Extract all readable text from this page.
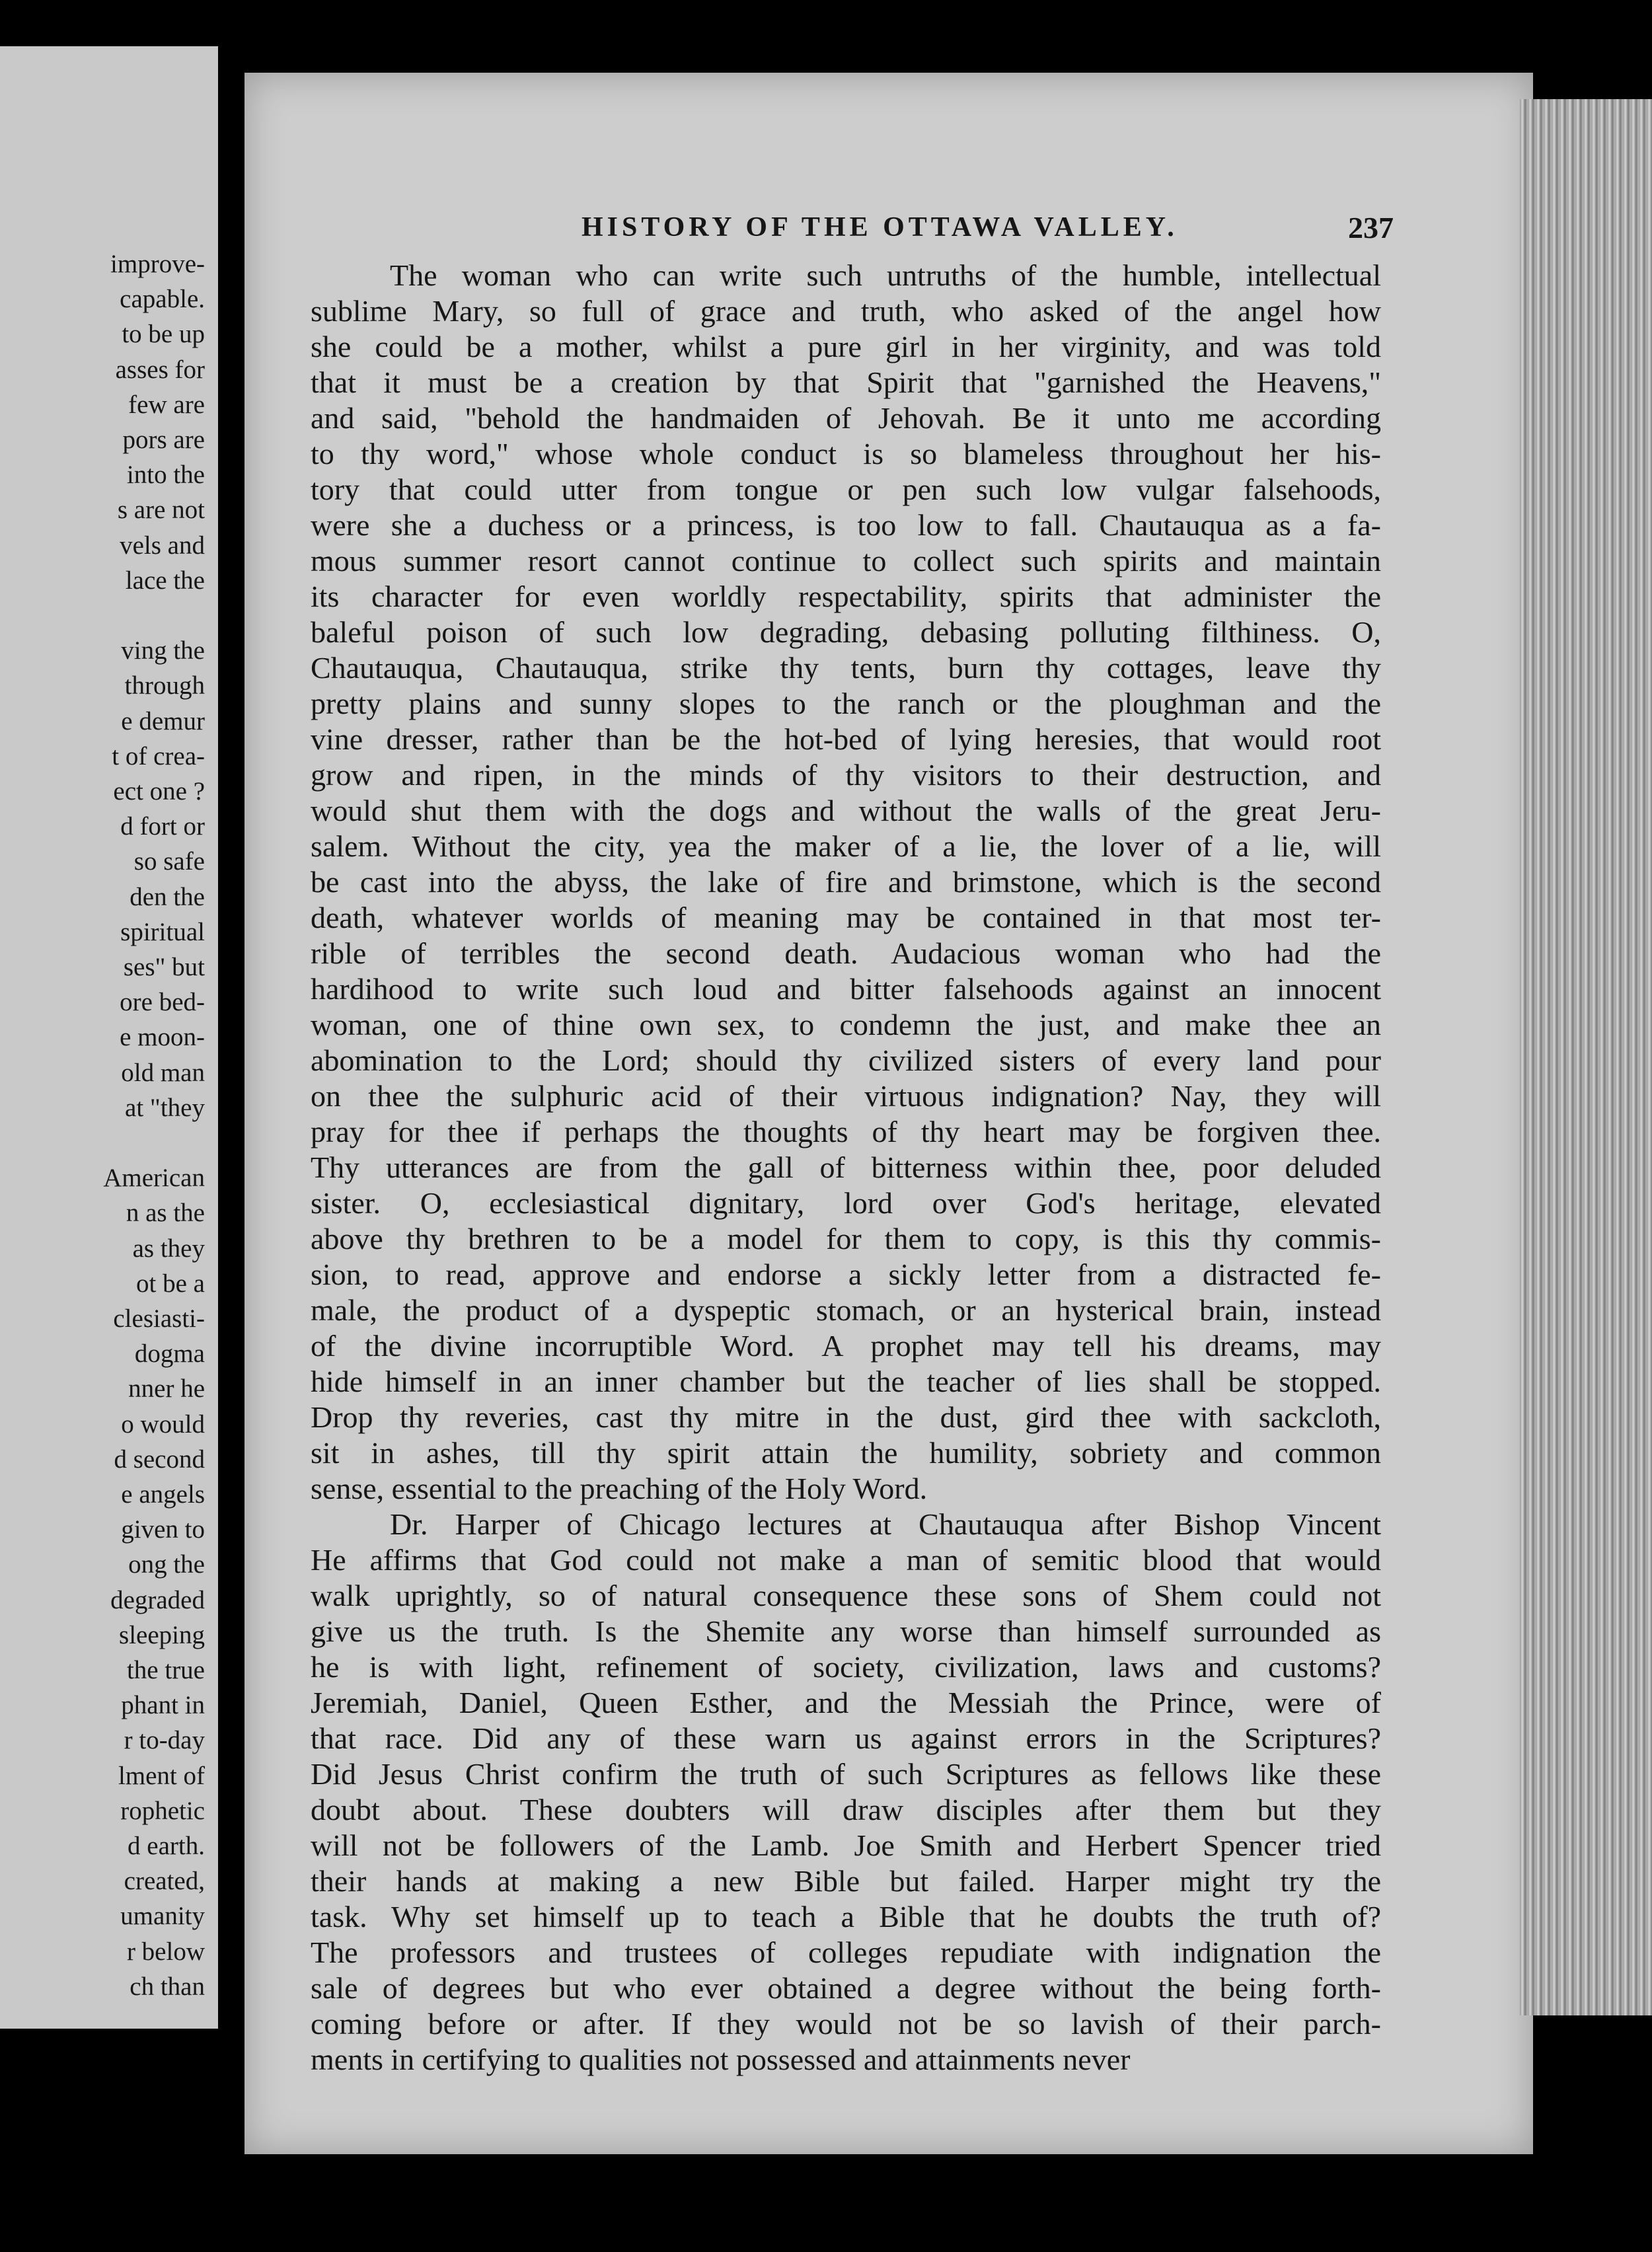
improve-
capable.
to be up
asses for
few are
pors are
into the
s are not
vels and
lace the
ving the
through
e demur
t of crea-
ect one ?
d fort or
so safe
den the
spiritual
ses" but
ore bed-
e moon-
old man
at "they
American
n as the
as they
ot be a
clesiasti-
dogma
nner he
o would
d second
e angels
given to
ong the
degraded
sleeping
the true
phant in
r to-day
lment of
rophetic
d earth.
created,
umanity
r below
ch than
HISTORY OF THE OTTAWA VALLEY.	237
The woman who can write such untruths of the humble, intellectual
sublime Mary, so full of grace and truth, who asked of the angel how
she could be a mother, whilst a pure girl in her virginity, and was told
that it must be a creation by that Spirit that "garnished the Heavens,"
and said, "behold the handmaiden of Jehovah. Be it unto me according
to thy word," whose whole conduct is so blameless throughout her his-
tory that could utter from tongue or pen such low vulgar falsehoods,
were she a duchess or a princess, is too low to fall. Chautauqua as a fa-
mous summer resort cannot continue to collect such spirits and maintain
its character for even worldly respectability, spirits that administer the
baleful poison of such low degrading, debasing polluting filthiness. O,
Chautauqua, Chautauqua, strike thy tents, burn thy cottages, leave thy
pretty plains and sunny slopes to the ranch or the ploughman and the
vine dresser, rather than be the hot-bed of lying heresies, that would root
grow and ripen, in the minds of thy visitors to their destruction, and
would shut them with the dogs and without the walls of the great Jeru-
salem. Without the city, yea the maker of a lie, the lover of a lie, will
be cast into the abyss, the lake of fire and brimstone, which is the second
death, whatever worlds of meaning may be contained in that most ter-
rible of terribles the second death. Audacious woman who had the
hardihood to write such loud and bitter falsehoods against an innocent
woman, one of thine own sex, to condemn the just, and make thee an
abomination to the Lord; should thy civilized sisters of every land pour
on thee the sulphuric acid of their virtuous indignation? Nay, they will
pray for thee if perhaps the thoughts of thy heart may be forgiven thee.
Thy utterances are from the gall of bitterness within thee, poor deluded
sister. O, ecclesiastical dignitary, lord over God's heritage, elevated
above thy brethren to be a model for them to copy, is this thy commis-
sion, to read, approve and endorse a sickly letter from a distracted fe-
male, the product of a dyspeptic stomach, or an hysterical brain, instead
of the divine incorruptible Word. A prophet may tell his dreams, may
hide himself in an inner chamber but the teacher of lies shall be stopped.
Drop thy reveries, cast thy mitre in the dust, gird thee with sackcloth,
sit in ashes, till thy spirit attain the humility, sobriety and common
sense, essential to the preaching of the Holy Word.
Dr. Harper of Chicago lectures at Chautauqua after Bishop Vincent
He affirms that God could not make a man of semitic blood that would
walk uprightly, so of natural consequence these sons of Shem could not
give us the truth. Is the Shemite any worse than himself surrounded as
he is with light, refinement of society, civilization, laws and customs?
Jeremiah, Daniel, Queen Esther, and the Messiah the Prince, were of
that race. Did any of these warn us against errors in the Scriptures?
Did Jesus Christ confirm the truth of such Scriptures as fellows like these
doubt about. These doubters will draw disciples after them but they
will not be followers of the Lamb. Joe Smith and Herbert Spencer tried
their hands at making a new Bible but failed. Harper might try the
task. Why set himself up to teach a Bible that he doubts the truth of?
The professors and trustees of colleges repudiate with indignation the
sale of degrees but who ever obtained a degree without the being forth-
coming before or after. If they would not be so lavish of their parch-
ments in certifying to qualities not possessed and attainments never
